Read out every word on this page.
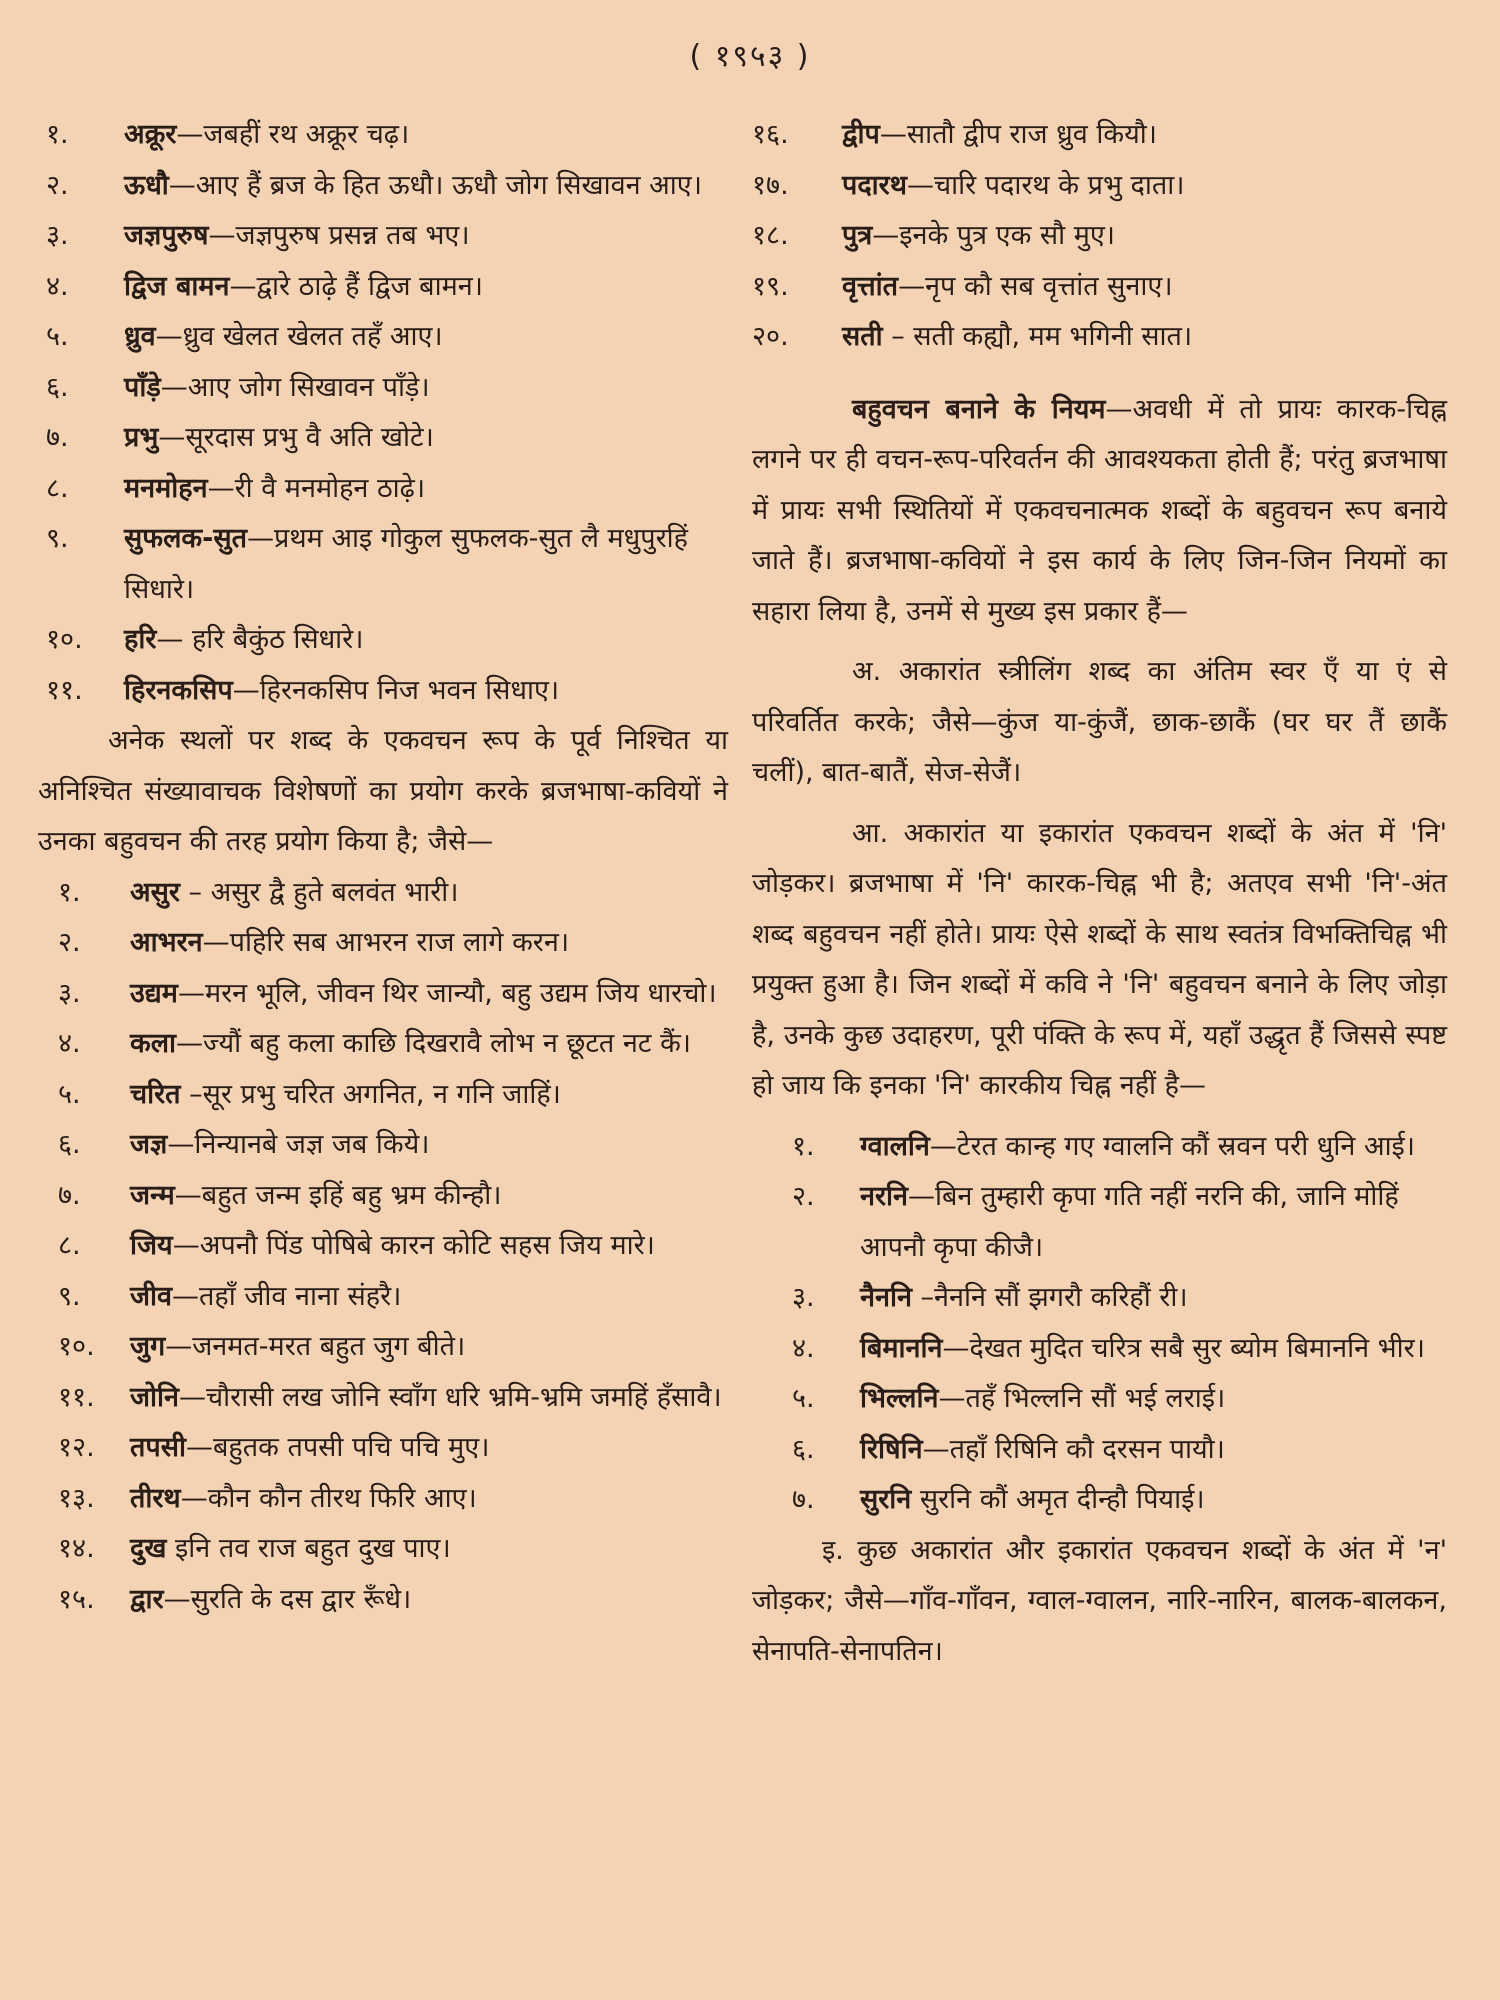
( १९५३ )
१.	अक्रूर—जबहीं रथ अक्रूर चढ़।
२.	ऊधौ—आए हैं ब्रज के हित ऊधौ। ऊधौ जोग सिखावन आए।
३.	जज्ञपुरुष—जज्ञपुरुष प्रसन्न तब भए।
४.	द्विज बामन—द्वारे ठाढ़े हैं द्विज बामन।
५.	ध्रुव—ध्रुव खेलत खेलत तहँ आए।
६.	पाँड़े—आए जोग सिखावन पाँड़े।
७.	प्रभु—सूरदास प्रभु वै अति खोटे।
८.	मनमोहन—री वै मनमोहन ठाढ़े।
९.	सुफलक-सुत—प्रथम आइ गोकुल सुफलक-सुत लै मधुपुरहिं सिधारे।
१०.	हरि— हरि बैकुंठ सिधारे।
११.	हिरनकसिप—हिरनकसिप निज भवन सिधाए।
अनेक स्थलों पर शब्द के एकवचन रूप के पूर्व निश्चित या अनिश्चित संख्यावाचक विशेषणों का प्रयोग करके ब्रजभाषा-कवियों ने उनका बहुवचन की तरह प्रयोग किया है; जैसे—
१.	असुर – असुर द्वै हुते बलवंत भारी।
२.	आभरन—पहिरि सब आभरन राज लागे करन।
३.	उद्यम—मरन भूलि, जीवन थिर जान्यौ, बहु उद्यम जिय धारचो।
४.	कला—ज्यौं बहु कला काछि दिखरावै लोभ न छूटत नट कैं।
५.	चरित –सूर प्रभु चरित अगनित, न गनि जाहिं।
६.	जज्ञ—निन्यानबे जज्ञ जब किये।
७.	जन्म—बहुत जन्म इहिं बहु भ्रम कीन्हौ।
८.	जिय—अपनौ पिंड पोषिबे कारन कोटि सहस जिय मारे।
९.	जीव—तहाँ जीव नाना संहरै।
१०.	जुग—जनमत-मरत बहुत जुग बीते।
११.	जोनि—चौरासी लख जोनि स्वाँग धरि भ्रमि-भ्रमि जमहिं हँसावै।
१२.	तपसी—बहुतक तपसी पचि पचि मुए।
१३.	तीरथ—कौन कौन तीरथ फिरि आए।
१४.	दुख इनि तव राज बहुत दुख पाए।
१५.	द्वार—सुरति के दस द्वार रूँधे।
१६.	द्वीप—सातौ द्वीप राज ध्रुव कियौ।
१७.	पदारथ—चारि पदारथ के प्रभु दाता।
१८.	पुत्र—इनके पुत्र एक सौ मुए।
१९.	वृत्तांत—नृप कौ सब वृत्तांत सुनाए।
२०.	सती – सती कह्यौ, मम भगिनी सात।
बहुवचन बनाने के नियम—अवधी में तो प्रायः कारक-चिह्न लगने पर ही वचन-रूप-परिवर्तन की आवश्यकता होती हैं; परंतु ब्रजभाषा में प्रायः सभी स्थितियों में एकवचनात्मक शब्दों के बहुवचन रूप बनाये जाते हैं। ब्रजभाषा-कवियों ने इस कार्य के लिए जिन-जिन नियमों का सहारा लिया है, उनमें से मुख्य इस प्रकार हैं—
अ. अकारांत स्त्रीलिंग शब्द का अंतिम स्वर एँ या एं से परिवर्तित करके; जैसे—कुंज या-कुंजैं, छाक-छाकैं (घर घर तैं छाकैं चलीं), बात-बातैं, सेज-सेजैं।
आ. अकारांत या इकारांत एकवचन शब्दों के अंत में 'नि' जोड़कर। ब्रजभाषा में 'नि' कारक-चिह्न भी है; अतएव सभी 'नि'-अंत शब्द बहुवचन नहीं होते। प्रायः ऐसे शब्दों के साथ स्वतंत्र विभक्तिचिह्न भी प्रयुक्त हुआ है। जिन शब्दों में कवि ने 'नि' बहुवचन बनाने के लिए जोड़ा है, उनके कुछ उदाहरण, पूरी पंक्ति के रूप में, यहाँ उद्धृत हैं जिससे स्पष्ट हो जाय कि इनका 'नि' कारकीय चिह्न नहीं है—
१.	ग्वालनि—टेरत कान्ह गए ग्वालनि कौं स्रवन परी धुनि आई।
२.	नरनि—बिन तुम्हारी कृपा गति नहीं नरनि की, जानि मोहिं आपनौ कृपा कीजै।
३.	नैननि –नैननि सौं झगरौ करिहौं री।
४.	बिमाननि—देखत मुदित चरित्र सबै सुर ब्योम बिमाननि भीर।
५.	भिल्लनि—तहँ भिल्लनि सौं भई लराई।
६.	रिषिनि—तहाँ रिषिनि कौ दरसन पायौ।
७.	सुरनि सुरनि कौं अमृत दीन्हौ पियाई।
इ. कुछ अकारांत और इकारांत एकवचन शब्दों के अंत में 'न' जोड़कर; जैसे—गाँव-गाँवन, ग्वाल-ग्वालन, नारि-नारिन, बालक-बालकन, सेनापति-सेनापतिन।
